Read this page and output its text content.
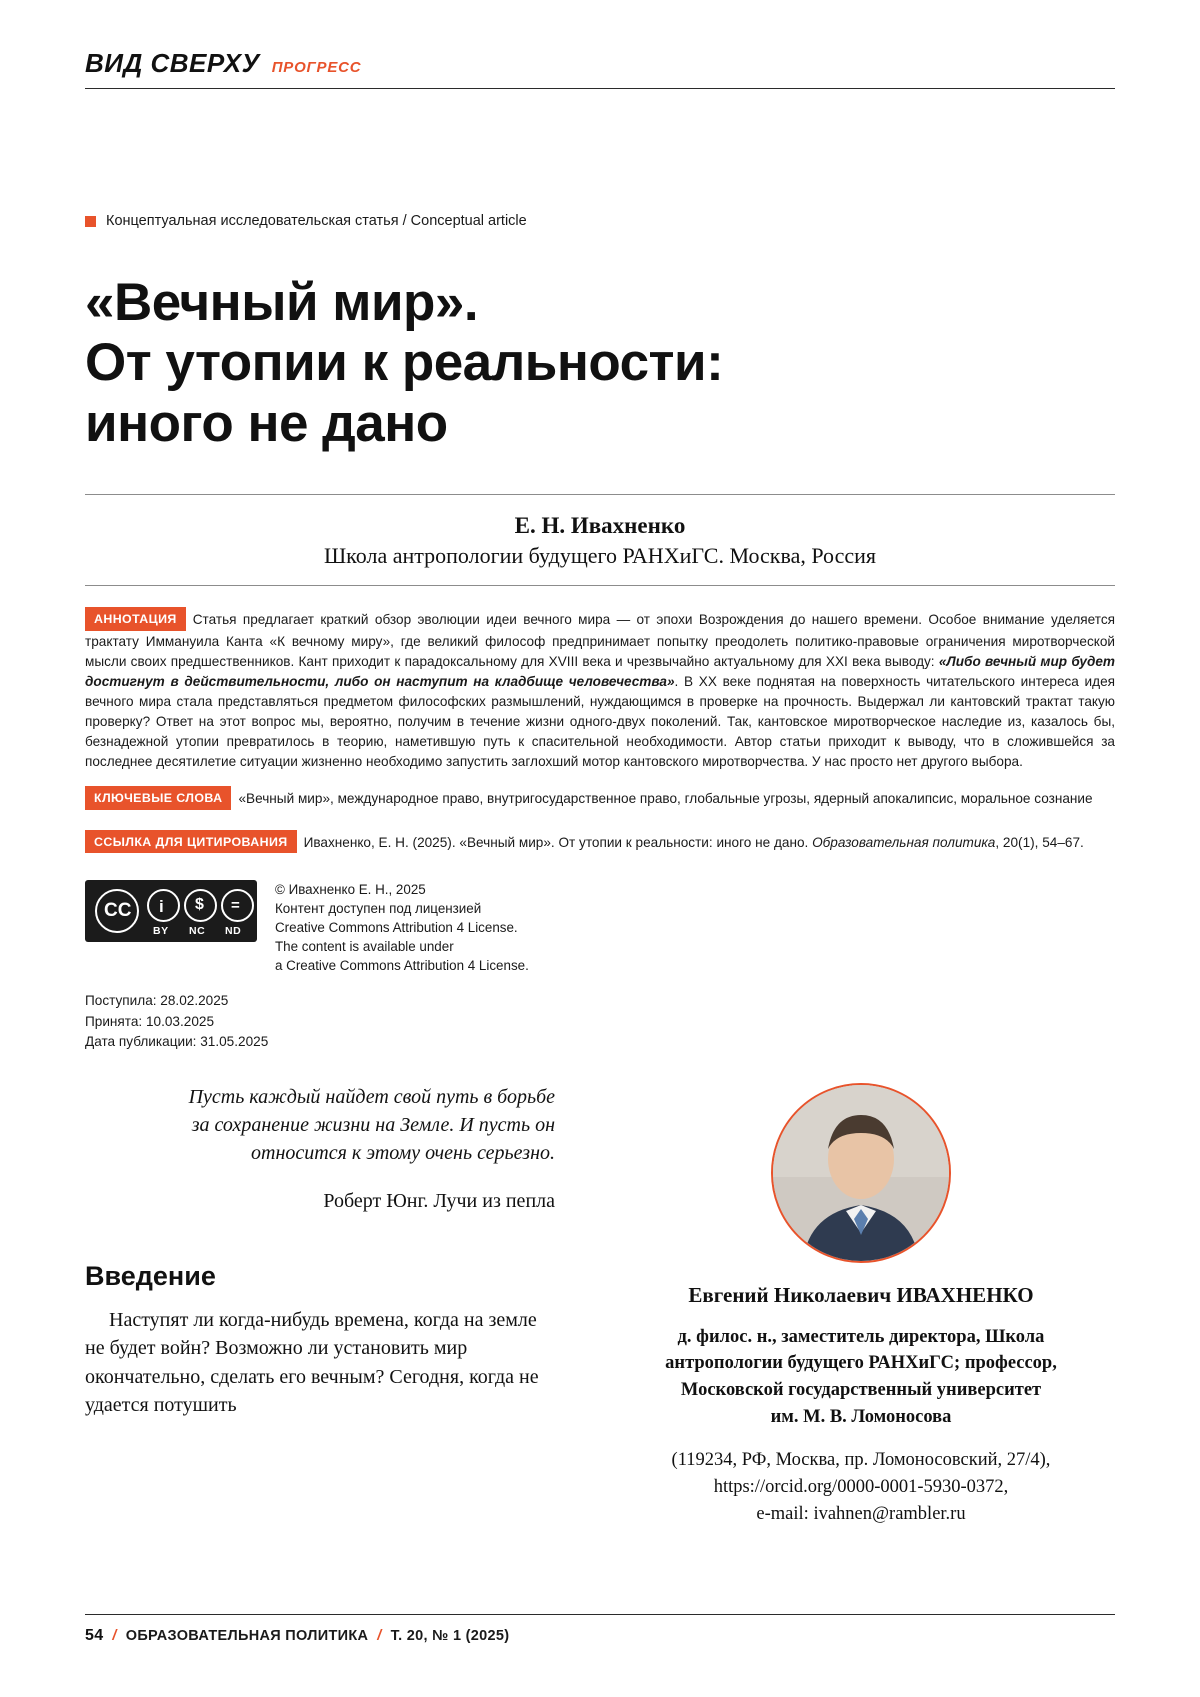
ВИД СВЕРХУ ПРОГРЕСС
Концептуальная исследовательская статья / Conceptual article
«Вечный мир».
От утопии к реальности:
иного не дано
Е. Н. Ивахненко
Школа антропологии будущего РАНХиГС. Москва, Россия
АННОТАЦИЯ Статья предлагает краткий обзор эволюции идеи вечного мира — от эпохи Возрождения до нашего времени. Особое внимание уделяется трактату Иммануила Канта «К вечному миру», где великий философ предпринимает попытку преодолеть политико-правовые ограничения миротворческой мысли своих предшественников. Кант приходит к парадоксальному для XVIII века и чрезвычайно актуальному для XXI века выводу: «Либо вечный мир будет достигнут в действительности, либо он наступит на кладбище человечества». В XX веке поднятая на поверхность читательского интереса идея вечного мира стала представляться предметом философских размышлений, нуждающимся в проверке на прочность. Выдержал ли кантовский трактат такую проверку? Ответ на этот вопрос мы, вероятно, получим в течение жизни одного-двух поколений. Так, кантовское миротворческое наследие из, казалось бы, безнадежной утопии превратилось в теорию, наметившую путь к спасительной необходимости. Автор статьи приходит к выводу, что в сложившейся за последнее десятилетие ситуации жизненно необходимо запустить заглохший мотор кантовского миротворчества. У нас просто нет другого выбора.
КЛЮЧЕВЫЕ СЛОВА «Вечный мир», международное право, внутригосударственное право, глобальные угрозы, ядерный апокалипсис, моральное сознание
ССЫЛКА ДЛЯ ЦИТИРОВАНИЯ Ивахненко, Е. Н. (2025). «Вечный мир». От утопии к реальности: иного не дано. Образовательная политика, 20(1), 54–67.
CC i $ =
BY NC ND
© Ивахненко Е. Н., 2025
Контент доступен под лицензией
Creative Commons Attribution 4 License.
The content is available under
a Creative Commons Attribution 4 License.
Поступила: 28.02.2025
Принята: 10.03.2025
Дата публикации: 31.05.2025
Пусть каждый найдет свой путь в борьбе
за сохранение жизни на Земле. И пусть он
относится к этому очень серьезно.
Роберт Юнг. Лучи из пепла
Введение
Наступят ли когда-нибудь времена, когда на земле не будет войн? Возможно ли установить мир окончательно, сделать его вечным? Сегодня, когда не удается потушить
Евгений Николаевич ИВАХНЕНКО
д. филос. н., заместитель директора, Школа
антропологии будущего РАНХиГС; профессор,
Московской государственный университет
им. М. В. Ломоносова
(119234, РФ, Москва, пр. Ломоносовский, 27/4),
https://orcid.org/0000-0001-5930-0372,
e-mail: ivahnen@rambler.ru
54 / ОБРАЗОВАТЕЛЬНАЯ ПОЛИТИКА / Т. 20, № 1 (2025)
